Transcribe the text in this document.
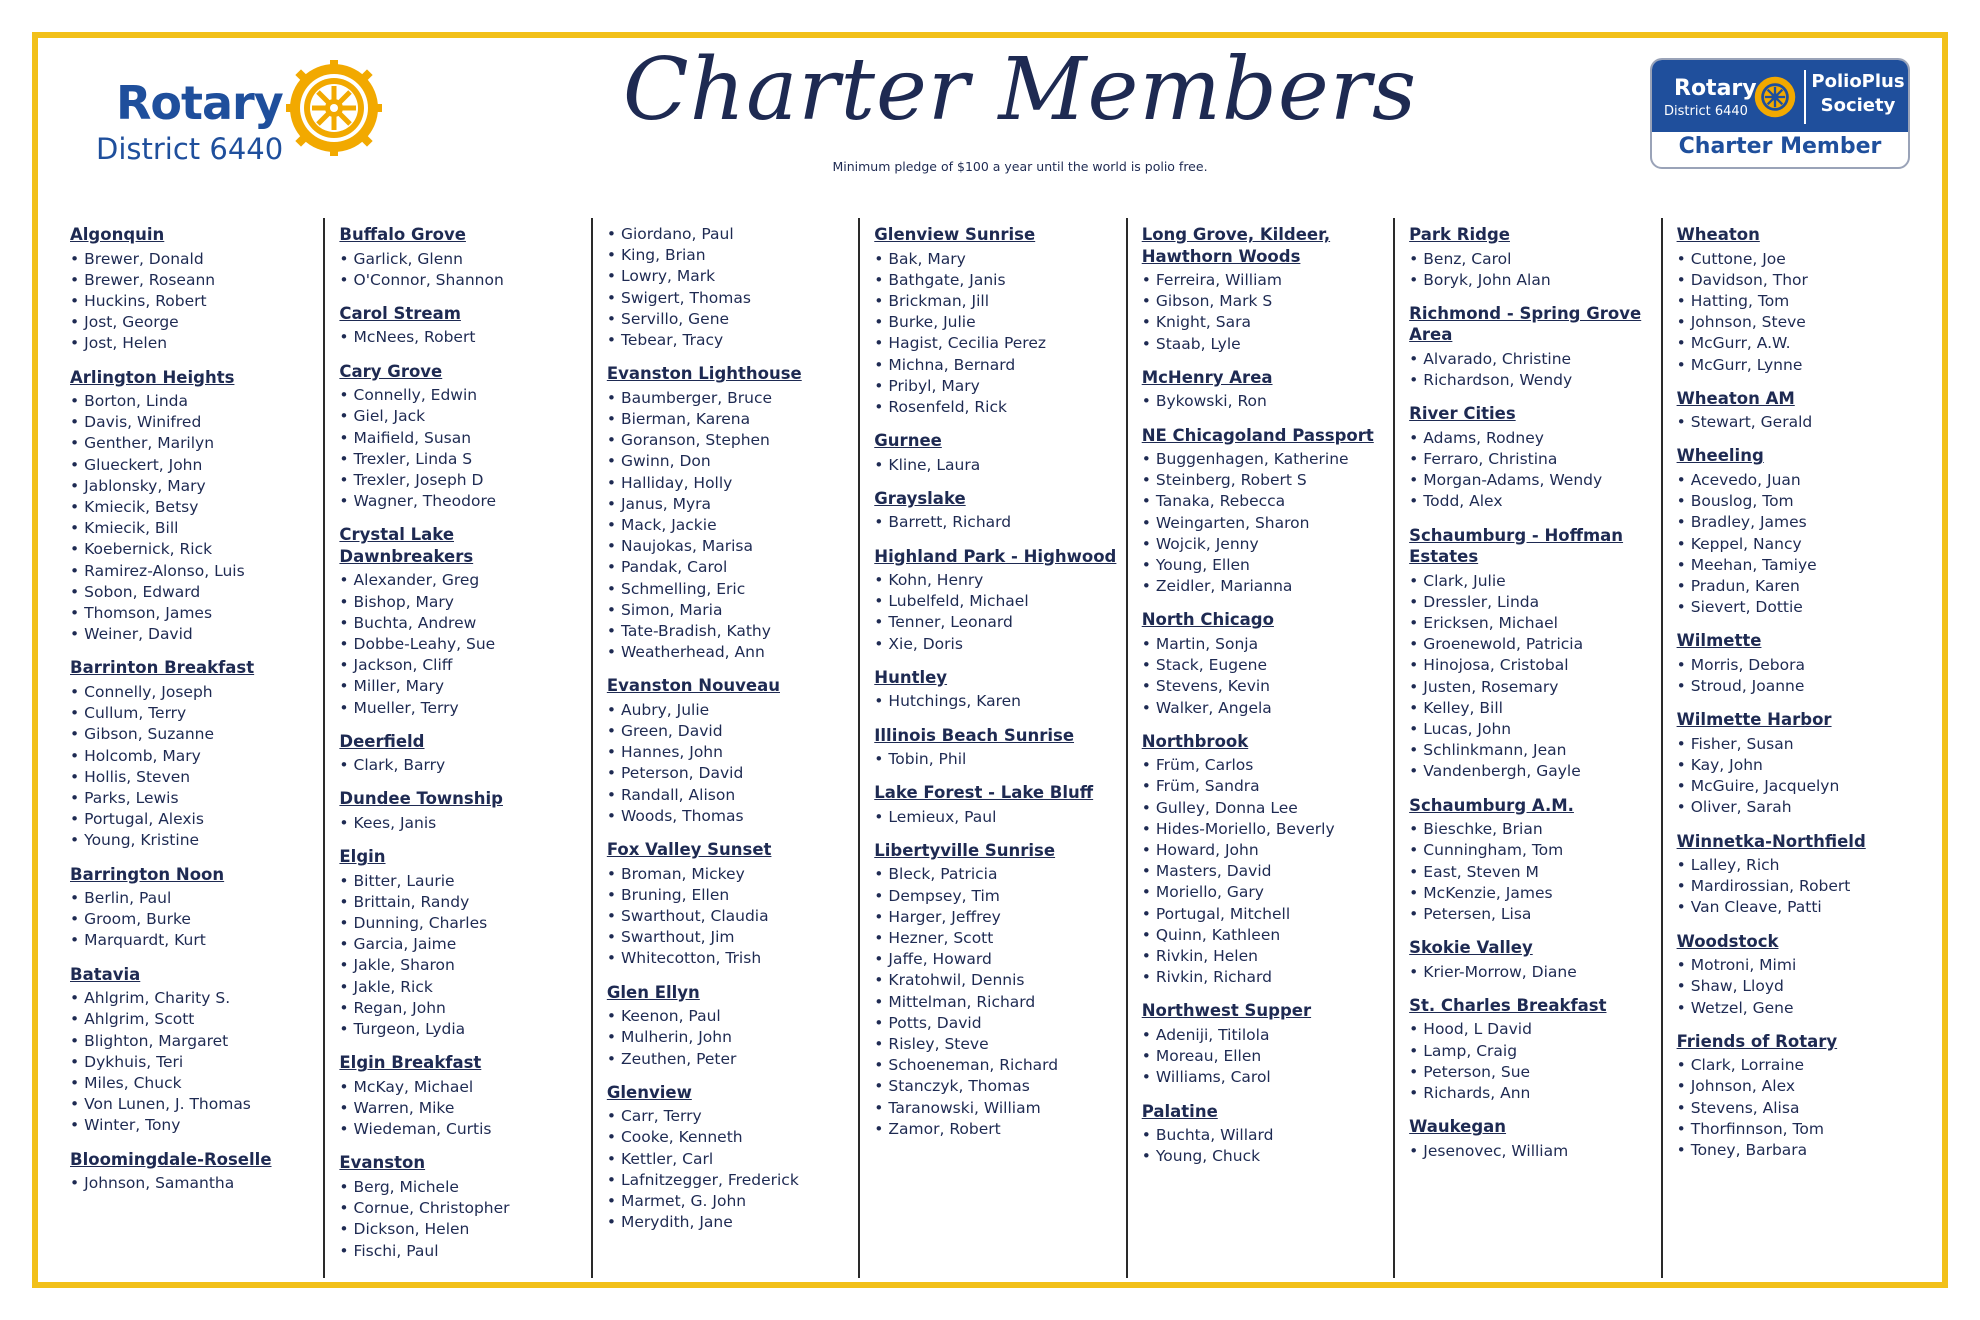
Rotary
District 6440
Charter Members
Minimum pledge of $100 a year until the world is polio free.
Rotary
District 6440
PolioPlus
Society
Charter Member
Algonquin
• Brewer, Donald
• Brewer, Roseann
• Huckins, Robert
• Jost, George
• Jost, Helen
Arlington Heights
• Borton, Linda
• Davis, Winifred
• Genther, Marilyn
• Glueckert, John
• Jablonsky, Mary
• Kmiecik, Betsy
• Kmiecik, Bill
• Koebernick, Rick
• Ramirez-Alonso, Luis
• Sobon, Edward
• Thomson, James
• Weiner, David
Barrinton Breakfast
• Connelly, Joseph
• Cullum, Terry
• Gibson, Suzanne
• Holcomb, Mary
• Hollis, Steven
• Parks, Lewis
• Portugal, Alexis
• Young, Kristine
Barrington Noon
• Berlin, Paul
• Groom, Burke
• Marquardt, Kurt
Batavia
• Ahlgrim, Charity S.
• Ahlgrim, Scott
• Blighton, Margaret
• Dykhuis, Teri
• Miles, Chuck
• Von Lunen, J. Thomas
• Winter, Tony
Bloomingdale-Roselle
• Johnson, Samantha
Buffalo Grove
• Garlick, Glenn
• O'Connor, Shannon
Carol Stream
• McNees, Robert
Cary Grove
• Connelly, Edwin
• Giel, Jack
• Maifield, Susan
• Trexler, Linda S
• Trexler, Joseph D
• Wagner, Theodore
Crystal Lake Dawnbreakers
• Alexander, Greg
• Bishop, Mary
• Buchta, Andrew
• Dobbe-Leahy, Sue
• Jackson, Cliff
• Miller, Mary
• Mueller, Terry
Deerfield
• Clark, Barry
Dundee Township
• Kees, Janis
Elgin
• Bitter, Laurie
• Brittain, Randy
• Dunning, Charles
• Garcia, Jaime
• Jakle, Sharon
• Jakle, Rick
• Regan, John
• Turgeon, Lydia
Elgin Breakfast
• McKay, Michael
• Warren, Mike
• Wiedeman, Curtis
Evanston
• Berg, Michele
• Cornue, Christopher
• Dickson, Helen
• Fischi, Paul
• Giordano, Paul
• King, Brian
• Lowry, Mark
• Swigert, Thomas
• Servillo, Gene
• Tebear, Tracy
Evanston Lighthouse
• Baumberger, Bruce
• Bierman, Karena
• Goranson, Stephen
• Gwinn, Don
• Halliday, Holly
• Janus, Myra
• Mack, Jackie
• Naujokas, Marisa
• Pandak, Carol
• Schmelling, Eric
• Simon, Maria
• Tate-Bradish, Kathy
• Weatherhead, Ann
Evanston Nouveau
• Aubry, Julie
• Green, David
• Hannes, John
• Peterson, David
• Randall, Alison
• Woods, Thomas
Fox Valley Sunset
• Broman, Mickey
• Bruning, Ellen
• Swarthout, Claudia
• Swarthout, Jim
• Whitecotton, Trish
Glen Ellyn
• Keenon, Paul
• Mulherin, John
• Zeuthen, Peter
Glenview
• Carr, Terry
• Cooke, Kenneth
• Kettler, Carl
• Lafnitzegger, Frederick
• Marmet, G. John
• Merydith, Jane
Glenview Sunrise
• Bak, Mary
• Bathgate, Janis
• Brickman, Jill
• Burke, Julie
• Hagist, Cecilia Perez
• Michna, Bernard
• Pribyl, Mary
• Rosenfeld, Rick
Gurnee
• Kline, Laura
Grayslake
• Barrett, Richard
Highland Park - Highwood
• Kohn, Henry
• Lubelfeld, Michael
• Tenner, Leonard
• Xie, Doris
Huntley
• Hutchings, Karen
Illinois Beach Sunrise
• Tobin, Phil
Lake Forest - Lake Bluff
• Lemieux, Paul
Libertyville Sunrise
• Bleck, Patricia
• Dempsey, Tim
• Harger, Jeffrey
• Hezner, Scott
• Jaffe, Howard
• Kratohwil, Dennis
• Mittelman, Richard
• Potts, David
• Risley, Steve
• Schoeneman, Richard
• Stanczyk, Thomas
• Taranowski, William
• Zamor, Robert
Long Grove, Kildeer, Hawthorn Woods
• Ferreira, William
• Gibson, Mark S
• Knight, Sara
• Staab, Lyle
McHenry Area
• Bykowski, Ron
NE Chicagoland Passport
• Buggenhagen, Katherine
• Steinberg, Robert S
• Tanaka, Rebecca
• Weingarten, Sharon
• Wojcik, Jenny
• Young, Ellen
• Zeidler, Marianna
North Chicago
• Martin, Sonja
• Stack, Eugene
• Stevens, Kevin
• Walker, Angela
Northbrook
• Früm, Carlos
• Früm, Sandra
• Gulley, Donna Lee
• Hides-Moriello, Beverly
• Howard, John
• Masters, David
• Moriello, Gary
• Portugal, Mitchell
• Quinn, Kathleen
• Rivkin, Helen
• Rivkin, Richard
Northwest Supper
• Adeniji, Titilola
• Moreau, Ellen
• Williams, Carol
Palatine
• Buchta, Willard
• Young, Chuck
Park Ridge
• Benz, Carol
• Boryk, John Alan
Richmond - Spring Grove Area
• Alvarado, Christine
• Richardson, Wendy
River Cities
• Adams, Rodney
• Ferraro, Christina
• Morgan-Adams, Wendy
• Todd, Alex
Schaumburg - Hoffman Estates
• Clark, Julie
• Dressler, Linda
• Ericksen, Michael
• Groenewold, Patricia
• Hinojosa, Cristobal
• Justen, Rosemary
• Kelley, Bill
• Lucas, John
• Schlinkmann, Jean
• Vandenbergh, Gayle
Schaumburg A.M.
• Bieschke, Brian
• Cunningham, Tom
• East, Steven M
• McKenzie, James
• Petersen, Lisa
Skokie Valley
• Krier-Morrow, Diane
St. Charles Breakfast
• Hood, L David
• Lamp, Craig
• Peterson, Sue
• Richards, Ann
Waukegan
• Jesenovec, William
Wheaton
• Cuttone, Joe
• Davidson, Thor
• Hatting, Tom
• Johnson, Steve
• McGurr, A.W.
• McGurr, Lynne
Wheaton AM
• Stewart, Gerald
Wheeling
• Acevedo, Juan
• Bouslog, Tom
• Bradley, James
• Keppel, Nancy
• Meehan, Tamiye
• Pradun, Karen
• Sievert, Dottie
Wilmette
• Morris, Debora
• Stroud, Joanne
Wilmette Harbor
• Fisher, Susan
• Kay, John
• McGuire, Jacquelyn
• Oliver, Sarah
Winnetka-Northfield
• Lalley, Rich
• Mardirossian, Robert
• Van Cleave, Patti
Woodstock
• Motroni, Mimi
• Shaw, Lloyd
• Wetzel, Gene
Friends of Rotary
• Clark, Lorraine
• Johnson, Alex
• Stevens, Alisa
• Thorfinnson, Tom
• Toney, Barbara
